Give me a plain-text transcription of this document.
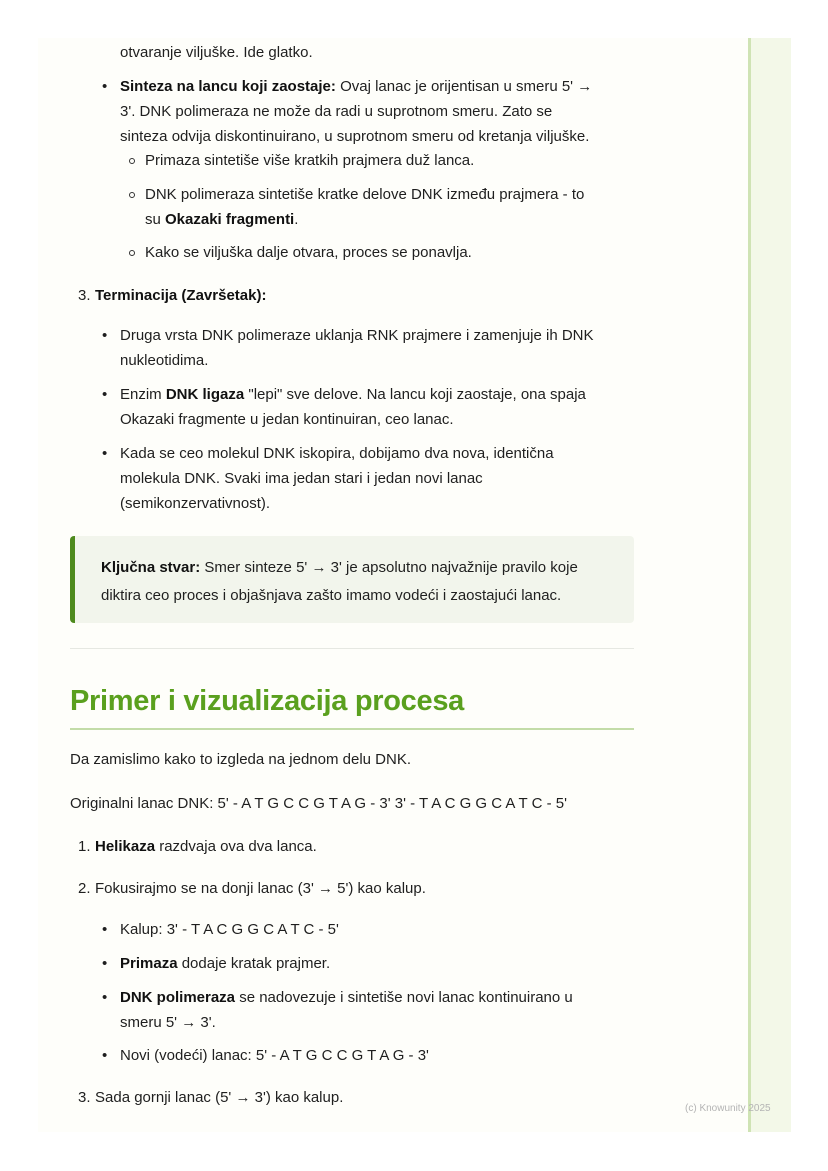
otvaranje viljuške. Ide glatko.
• Sinteza na lancu koji zaostaje: Ovaj lanac je orijentisan u smeru 5' →
3'. DNK polimeraza ne može da radi u suprotnom smeru. Zato se
sinteza odvija diskontinuirano, u suprotnom smeru od kretanja viljuške.
Primaza sintetiše više kratkih prajmera duž lanca.
DNK polimeraza sintetiše kratke delove DNK između prajmera - to
su Okazaki fragmenti.
Kako se viljuška dalje otvara, proces se ponavlja.
3. Terminacija (Završetak):
• Druga vrsta DNK polimeraze uklanja RNK prajmere i zamenjuje ih DNK
nukleotidima.
• Enzim DNK ligaza "lepi" sve delove. Na lancu koji zaostaje, ona spaja
Okazaki fragmente u jedan kontinuiran, ceo lanac.
• Kada se ceo molekul DNK iskopira, dobijamo dva nova, identična
molekula DNK. Svaki ima jedan stari i jedan novi lanac
(semikonzervativnost).
Ključna stvar: Smer sinteze 5' → 3' je apsolutno najvažnije pravilo koje
diktira ceo proces i objašnjava zašto imamo vodeći i zaostajući lanac.
Primer i vizualizacija procesa
Da zamislimo kako to izgleda na jednom delu DNK.
Originalni lanac DNK: 5' - A T G C C G T A G - 3' 3' - T A C G G C A T C - 5'
1. Helikaza razdvaja ova dva lanca.
2. Fokusirajmo se na donji lanac (3' → 5') kao kalup.
• Kalup: 3' - T A C G G C A T C - 5'
• Primaza dodaje kratak prajmer.
• DNK polimeraza se nadovezuje i sintetiše novi lanac kontinuirano u
smeru 5' → 3'.
• Novi (vodeći) lanac: 5' - A T G C C G T A G - 3'
3. Sada gornji lanac (5' → 3') kao kalup.
(c) Knowunity 2025
